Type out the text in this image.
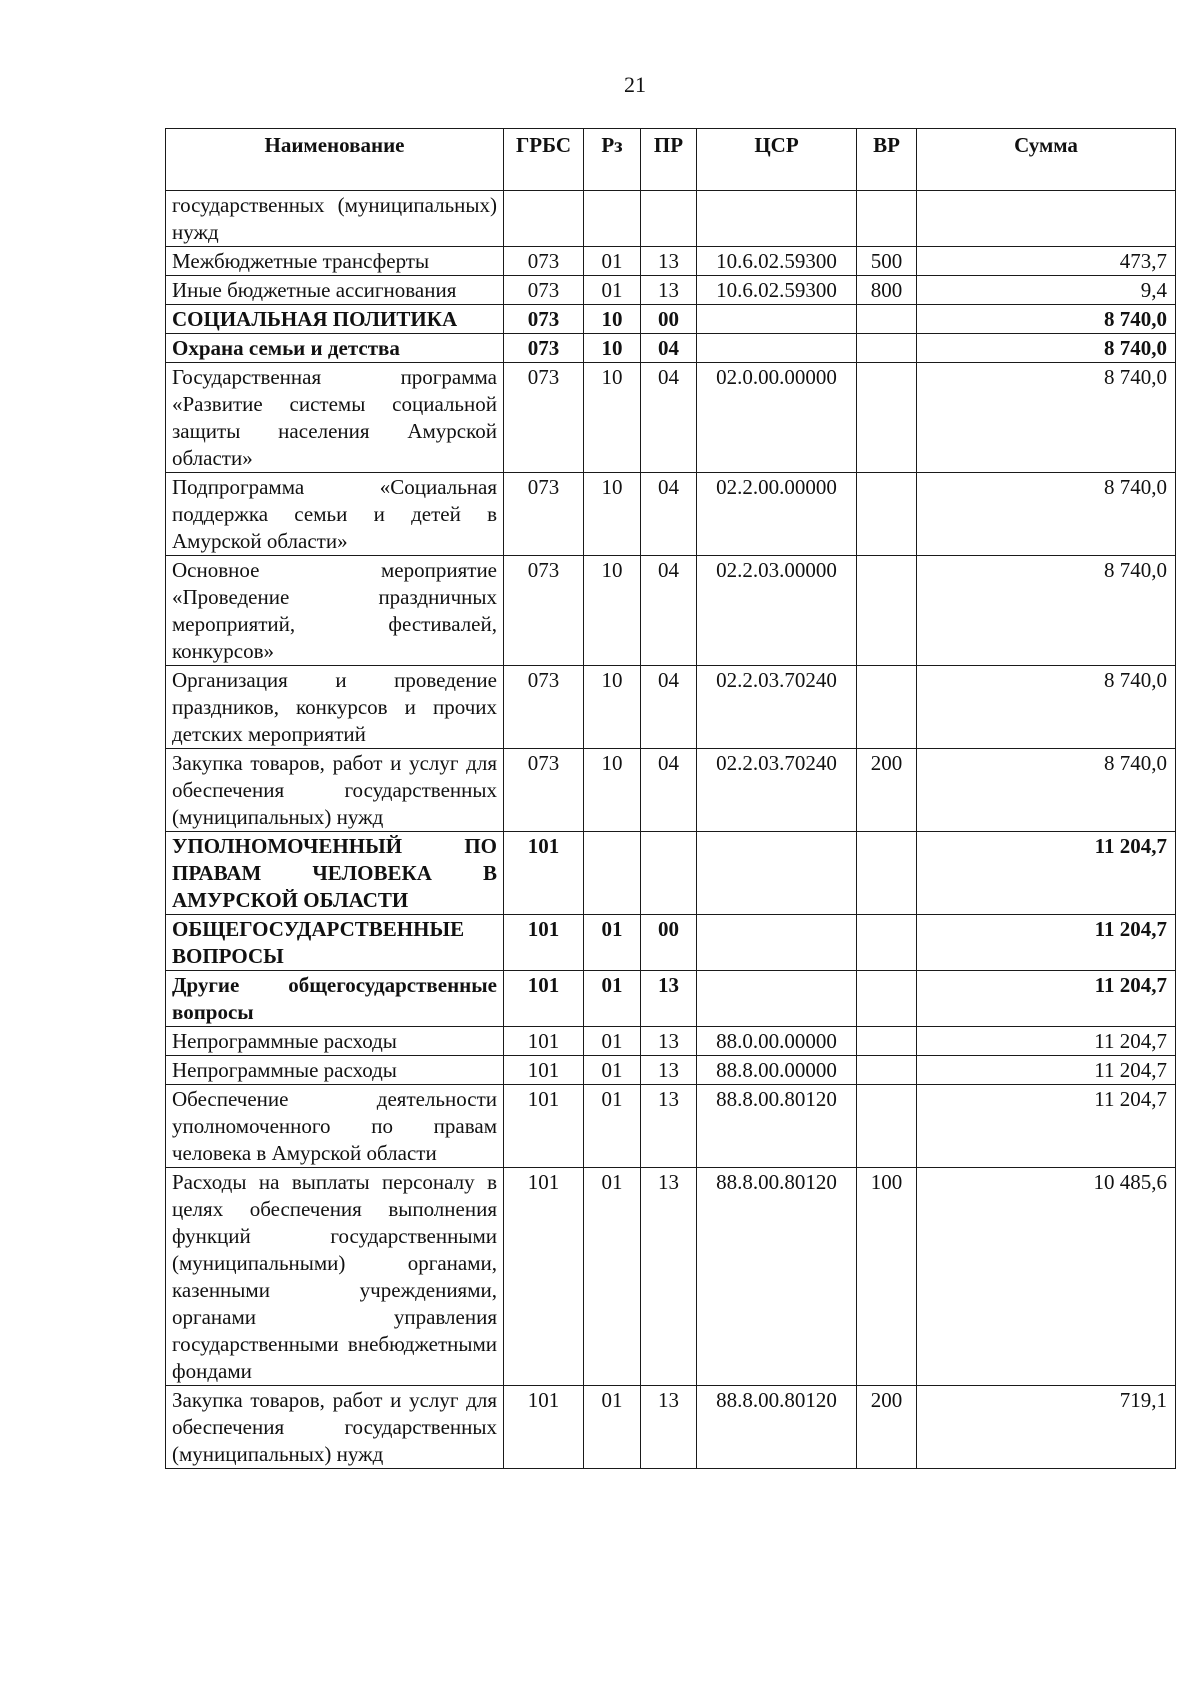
21
Наименование	ГРБС	Рз	ПР	ЦСР	ВР	Сумма
государственных (муниципальных) нужд						
Межбюджетные трансферты	073	01	13	10.6.02.59300	500	473,7
Иные бюджетные ассигнования	073	01	13	10.6.02.59300	800	9,4
СОЦИАЛЬНАЯ ПОЛИТИКА	073	10	00			8 740,0
Охрана семьи и детства	073	10	04			8 740,0
Государственная программа «Развитие системы социальной защиты населения Амурской области»	073	10	04	02.0.00.00000		8 740,0
Подпрограмма «Социальная поддержка семьи и детей в Амурской области»	073	10	04	02.2.00.00000		8 740,0
Основное мероприятие «Проведение праздничных мероприятий, фестивалей, конкурсов»	073	10	04	02.2.03.00000		8 740,0
Организация и проведение праздников, конкурсов и прочих детских мероприятий	073	10	04	02.2.03.70240		8 740,0
Закупка товаров, работ и услуг для обеспечения государственных (муниципальных) нужд	073	10	04	02.2.03.70240	200	8 740,0
УПОЛНОМОЧЕННЫЙ ПО ПРАВАМ ЧЕЛОВЕКА В АМУРСКОЙ ОБЛАСТИ	101					11 204,7
ОБЩЕГОСУДАРСТВЕННЫЕ ВОПРОСЫ	101	01	00			11 204,7
Другие общегосударственные вопросы	101	01	13			11 204,7
Непрограммные расходы	101	01	13	88.0.00.00000		11 204,7
Непрограммные расходы	101	01	13	88.8.00.00000		11 204,7
Обеспечение деятельности уполномоченного по правам человека в Амурской области	101	01	13	88.8.00.80120		11 204,7
Расходы на выплаты персоналу в целях обеспечения выполнения функций государственными (муниципальными) органами, казенными учреждениями, органами управления государственными внебюджетными фондами	101	01	13	88.8.00.80120	100	10 485,6
Закупка товаров, работ и услуг для обеспечения государственных (муниципальных) нужд	101	01	13	88.8.00.80120	200	719,1
